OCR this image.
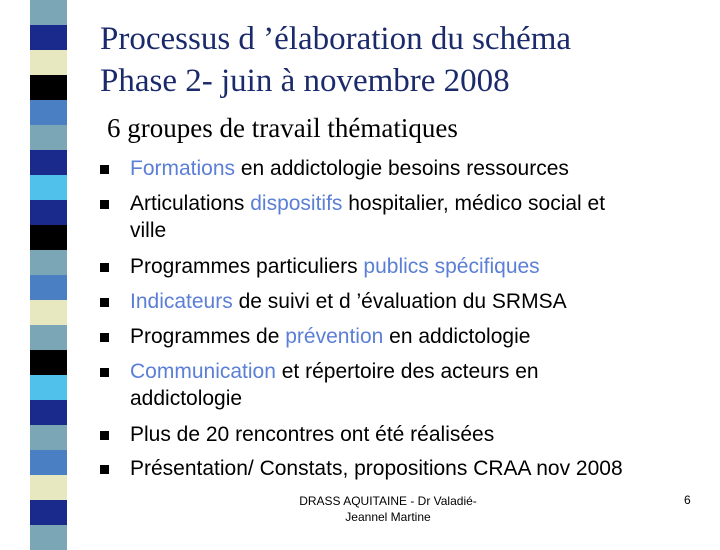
Processus d ’élaboration du schéma
Phase 2- juin à novembre 2008
6 groupes de travail thématiques
Formations en addictologie besoins ressources
Articulations dispositifs hospitalier, médico social et
ville
Programmes particuliers publics spécifiques
Indicateurs de suivi et d ’évaluation du SRMSA
Programmes de prévention en addictologie
Communication et répertoire des acteurs en
addictologie
Plus de 20 rencontres ont été réalisées
Présentation/ Constats, propositions CRAA nov 2008
DRASS AQUITAINE - Dr Valadié-
Jeannel Martine
6
